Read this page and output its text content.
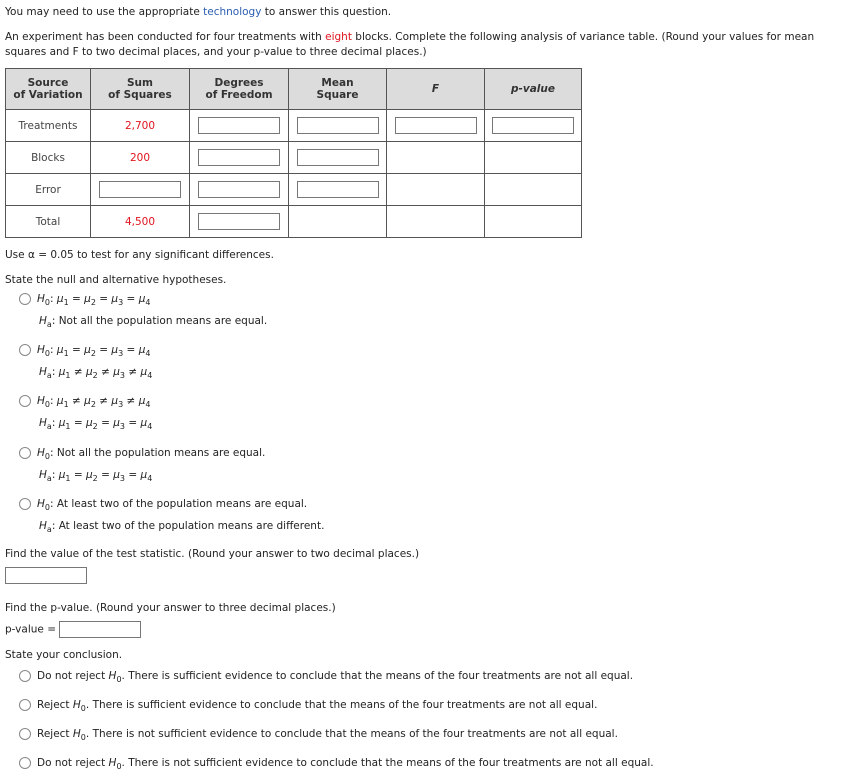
You may need to use the appropriate technology to answer this question.

An experiment has been conducted for four treatments with eight blocks. Complete the following analysis of variance table. (Round your values for mean

squares and F to two decimal places, and your p-value to three decimal places.)

Source
of Variation	Sum
of Squares	Degrees
of Freedom	Mean
Square	F	p-value
Treatments	2,700				
Blocks	200				
Error					
Total	4,500				

Use α = 0.05 to test for any significant differences.

State the null and alternative hypotheses.

$H_0$: $\mu_1 = \mu_2 = \mu_3 = \mu_4$
$H_a$: Not all the population means are equal.
$H_0$: $\mu_1 = \mu_2 = \mu_3 = \mu_4$
$H_a$: $\mu_1 \ne \mu_2 \ne \mu_3 \ne \mu_4$
$H_0$: $\mu_1 \ne \mu_2 \ne \mu_3 \ne \mu_4$
$H_a$: $\mu_1 = \mu_2 = \mu_3 = \mu_4$
$H_0$: Not all the population means are equal.
$H_a$: $\mu_1 = \mu_2 = \mu_3 = \mu_4$
$H_0$: At least two of the population means are equal.
$H_a$: At least two of the population means are different.

Find the value of the test statistic. (Round your answer to two decimal places.)

Find the p-value. (Round your answer to three decimal places.)

p-value =

State your conclusion.

Do not reject $H_0$. There is sufficient evidence to conclude that the means of the four treatments are not all equal.
Reject $H_0$. There is sufficient evidence to conclude that the means of the four treatments are not all equal.
Reject $H_0$. There is not sufficient evidence to conclude that the means of the four treatments are not all equal.
Do not reject $H_0$. There is not sufficient evidence to conclude that the means of the four treatments are not all equal.
